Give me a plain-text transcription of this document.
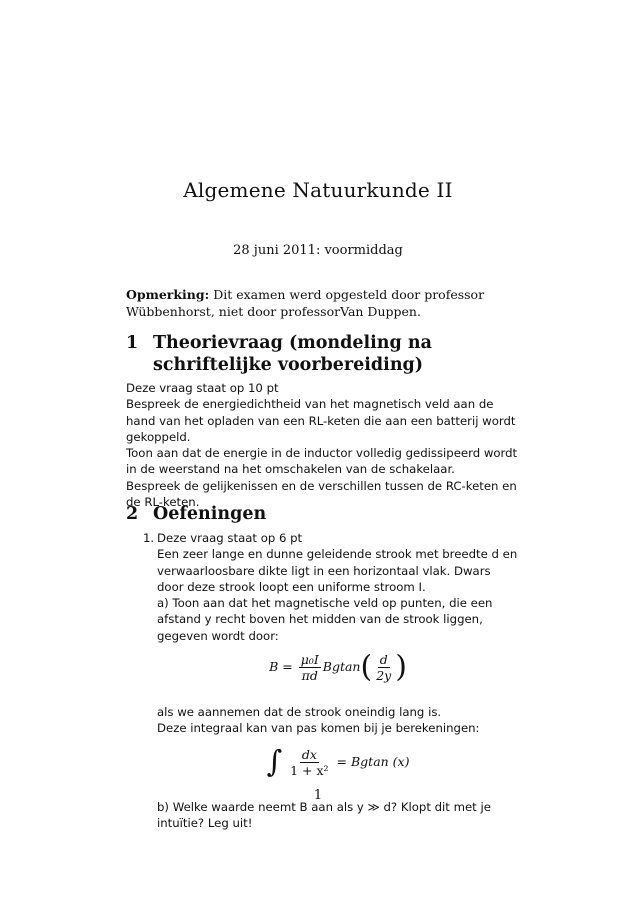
Algemene Natuurkunde II
28 juni 2011: voormiddag
Opmerking: Dit examen werd opgesteld door professor Wübbenhorst, niet door professorVan Duppen.
1 Theorievraag (mondeling na schriftelijke voorbereiding)

Deze vraag staat op 10 pt

Bespreek de energiedichtheid van het magnetisch veld aan de hand van het opladen van een RL-keten die aan een batterij wordt gekoppeld.

Toon aan dat de energie in de inductor volledig gedissipeerd wordt in de weerstand na het omschakelen van de schakelaar.

Bespreek de gelijkenissen en de verschillen tussen de RC-keten en de RL-keten.

2 Oefeningen
1. Deze vraag staat op 6 pt

Een zeer lange en dunne geleidende strook met breedte d en verwaarloosbare dikte ligt in een horizontaal vlak. Dwars door deze strook loopt een uniforme stroom I.

a) Toon aan dat het magnetische veld op punten, die een afstand y recht boven het midden van de strook liggen, gegeven wordt door:

$B = \frac{\text{μ₀I}}{\pi d} Bgtan( \frac{d}{2y}$ )

als we aannemen dat de strook oneindig lang is.

Deze integraal kan van pas komen bij je berekeningen:

∫ $\frac{dx}{\text{1 + x²}} = Bgtan$ (x)

b) Welke waarde neemt B aan als y ≫ d? Klopt dit met je intuïtie? Leg uit!

1
